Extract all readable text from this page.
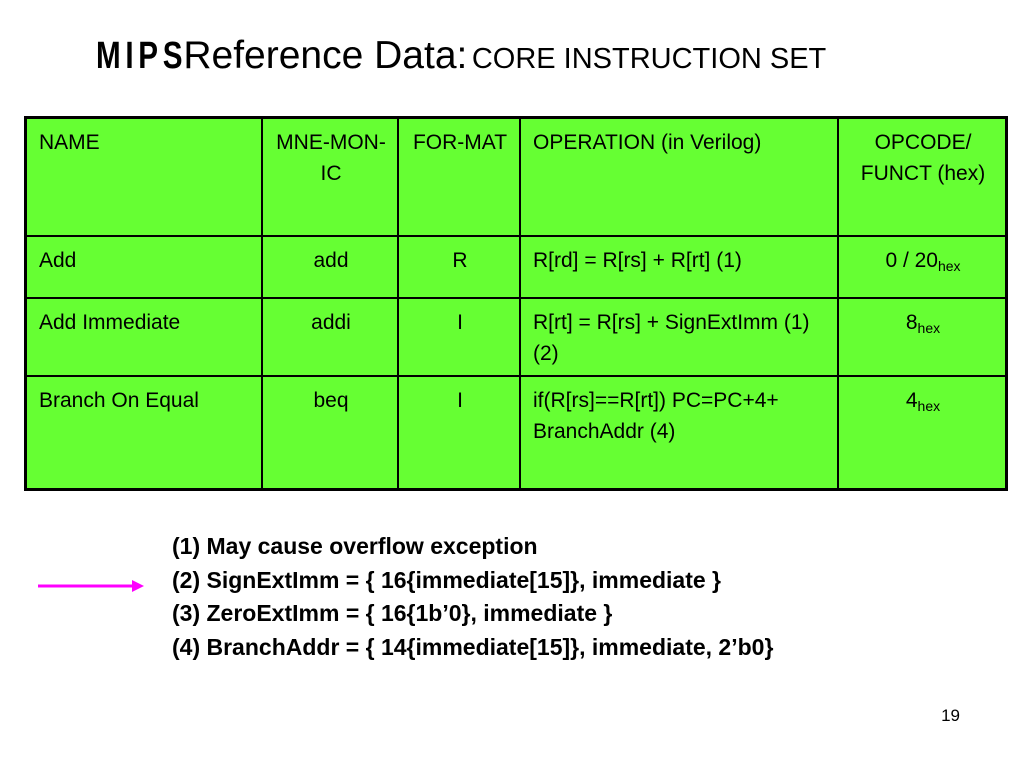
MIPS Reference Data: CORE INSTRUCTION SET
NAME	MNE-MON-IC	FOR-MAT	OPERATION (in Verilog)	OPCODE/ FUNCT (hex)
Add	add	R	R[rd] = R[rs] + R[rt] (1)	$0 / 20_{hex}$
Add Immediate	addi	I	R[rt] = R[rs] + SignExtImm (1)(2)	$8_{hex}$
Branch On Equal	beq	I	if(R[rs]==R[rt]) PC=PC+4+ BranchAddr (4)	$4_{hex}$
(1) May cause overflow exception
(2) SignExtImm = { 16{immediate[15]}, immediate }
(3) ZeroExtImm = { 16{1b’0}, immediate }
(4) BranchAddr = { 14{immediate[15]}, immediate, 2’b0}
19
